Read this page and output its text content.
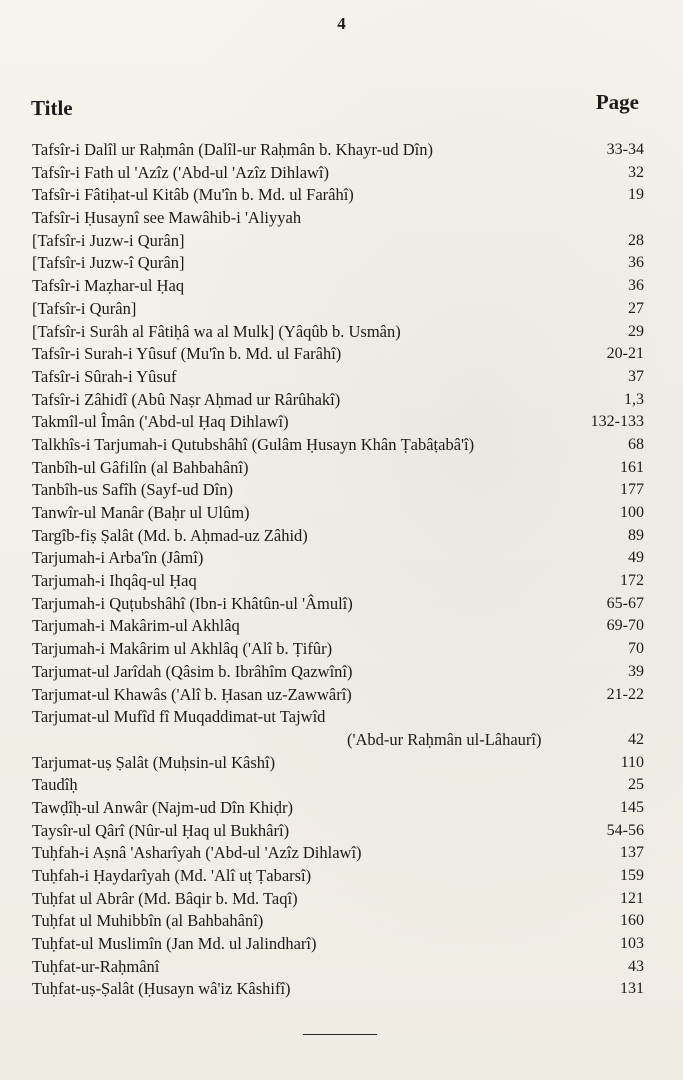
4
Title	Page
Tafsîr-i Dalîl ur Raḥmân (Dalîl-ur Raḥmân b. Khayr-ud Dîn)	33-34
Tafsîr-i Fath ul 'Azîz ('Abd-ul 'Azîz Dihlawî)	32
Tafsîr-i Fâtiḥat-ul Kitâb (Mu'în b. Md. ul Farâhî)	19
Tafsîr-i Ḥusaynî see Mawâhib-i 'Aliyyah
[Tafsîr-i Juzw-i Qurân]	28
[Tafsîr-i Juzw-î Qurân]	36
Tafsîr-i Maẓhar-ul Ḥaq	36
[Tafsîr-i Qurân]	27
[Tafsîr-i Surâh al Fâtiḥâ wa al Mulk] (Yâqûb b. Usmân)	29
Tafsîr-i Surah-i Yûsuf (Mu'în b. Md. ul Farâhî)	20-21
Tafsîr-i Sûrah-i Yûsuf	37
Tafsîr-i Zâhidî (Abû Naṣr Aḥmad ur Rârûhakî)	1,3
Takmîl-ul Îmân ('Abd-ul Ḥaq Dihlawî)	132-133
Talkhîs-i Tarjumah-i Qutubshâhî (Gulâm Ḥusayn Khân Ṭabâṭabâ'î)	68
Tanbîh-ul Gâfilîn (al Bahbahânî)	161
Tanbîh-us Safîh (Sayf-ud Dîn)	177
Tanwîr-ul Manâr (Baḥr ul Ulûm)	100
Targîb-fiṣ Ṣalât (Md. b. Aḥmad-uz Zâhid)	89
Tarjumah-i Arba'în (Jâmî)	49
Tarjumah-i Ihqâq-ul Ḥaq	172
Tarjumah-i Quṭubshâhî (Ibn-i Khâtûn-ul 'Âmulî)	65-67
Tarjumah-i Makârim-ul Akhlâq	69-70
Tarjumah-i Makârim ul Akhlâq ('Alî b. Ṭifûr)	70
Tarjumat-ul Jarîdah (Qâsim b. Ibrâhîm Qazwînî)	39
Tarjumat-ul Khawâs ('Alî b. Ḥasan uz-Zawwârî)	21-22
Tarjumat-ul Mufîd fî Muqaddimat-ut Tajwîd
('Abd-ur Raḥmân ul-Lâhaurî)	42
Tarjumat-uṣ Ṣalât (Muḥsin-ul Kâshî)	110
Taudîḥ	25
Tawḍîḥ-ul Anwâr (Najm-ud Dîn Khiḍr)	145
Taysîr-ul Qârî (Nûr-ul Ḥaq ul Bukhârî)	54-56
Tuḥfah-i Aṣnâ 'Asharîyah ('Abd-ul 'Azîz Dihlawî)	137
Tuḥfah-i Ḥaydarîyah (Md. 'Alî uṭ Ṭabarsî)	159
Tuḥfat ul Abrâr (Md. Bâqir b. Md. Taqî)	121
Tuḥfat ul Muhibbîn (al Bahbahânî)	160
Tuḥfat-ul Muslimîn (Jan Md. ul Jalindharî)	103
Tuḥfat-ur-Raḥmânî	43
Tuḥfat-uṣ-Ṣalât (Ḥusayn wâ'iz Kâshifî)	131
